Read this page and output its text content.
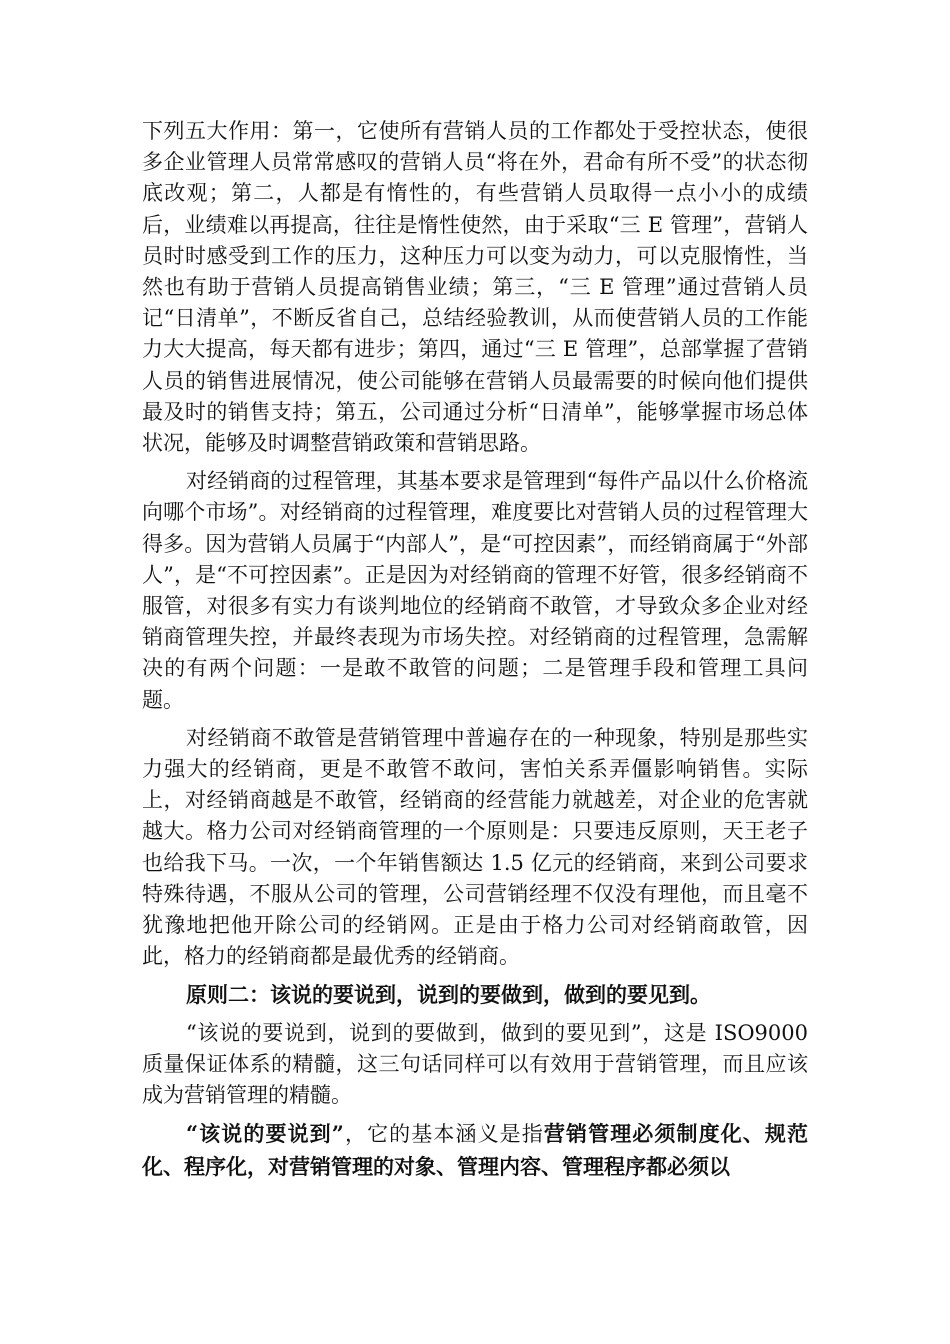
下列五大作用：第一，它使所有营销人员的工作都处于受控状态，使很多企业管理人员常常感叹的营销人员“将在外，君命有所不受”的状态彻底改观；第二，人都是有惰性的，有些营销人员取得一点小小的成绩后，业绩难以再提高，往往是惰性使然，由于采取“三 E 管理”，营销人员时时感受到工作的压力，这种压力可以变为动力，可以克服惰性，当然也有助于营销人员提高销售业绩；第三，“三 E 管理”通过营销人员记“日清单”，不断反省自己，总结经验教训，从而使营销人员的工作能力大大提高，每天都有进步；第四，通过“三 E 管理”，总部掌握了营销人员的销售进展情况，使公司能够在营销人员最需要的时候向他们提供最及时的销售支持；第五，公司通过分析“日清单”，能够掌握市场总体状况，能够及时调整营销政策和营销思路。

对经销商的过程管理，其基本要求是管理到“每件产品以什么价格流向哪个市场”。对经销商的过程管理，难度要比对营销人员的过程管理大得多。因为营销人员属于“内部人”，是“可控因素”，而经销商属于“外部人”，是“不可控因素”。正是因为对经销商的管理不好管，很多经销商不服管，对很多有实力有谈判地位的经销商不敢管，才导致众多企业对经销商管理失控，并最终表现为市场失控。对经销商的过程管理，急需解决的有两个问题：一是敢不敢管的问题；二是管理手段和管理工具问题。

对经销商不敢管是营销管理中普遍存在的一种现象，特别是那些实力强大的经销商，更是不敢管不敢问，害怕关系弄僵影响销售。实际上，对经销商越是不敢管，经销商的经营能力就越差，对企业的危害就越大。格力公司对经销商管理的一个原则是：只要违反原则，天王老子也给我下马。一次，一个年销售额达 1.5 亿元的经销商，来到公司要求特殊待遇，不服从公司的管理，公司营销经理不仅没有理他，而且毫不犹豫地把他开除公司的经销网。正是由于格力公司对经销商敢管，因此，格力的经销商都是最优秀的经销商。

原则二：该说的要说到，说到的要做到，做到的要见到。

“该说的要说到，说到的要做到，做到的要见到”，这是 ISO9000 质量保证体系的精髓，这三句话同样可以有效用于营销管理，而且应该成为营销管理的精髓。

“该说的要说到”，它的基本涵义是指营销管理必须制度化、规范化、程序化，对营销管理的对象、管理内容、管理程序都必须以
